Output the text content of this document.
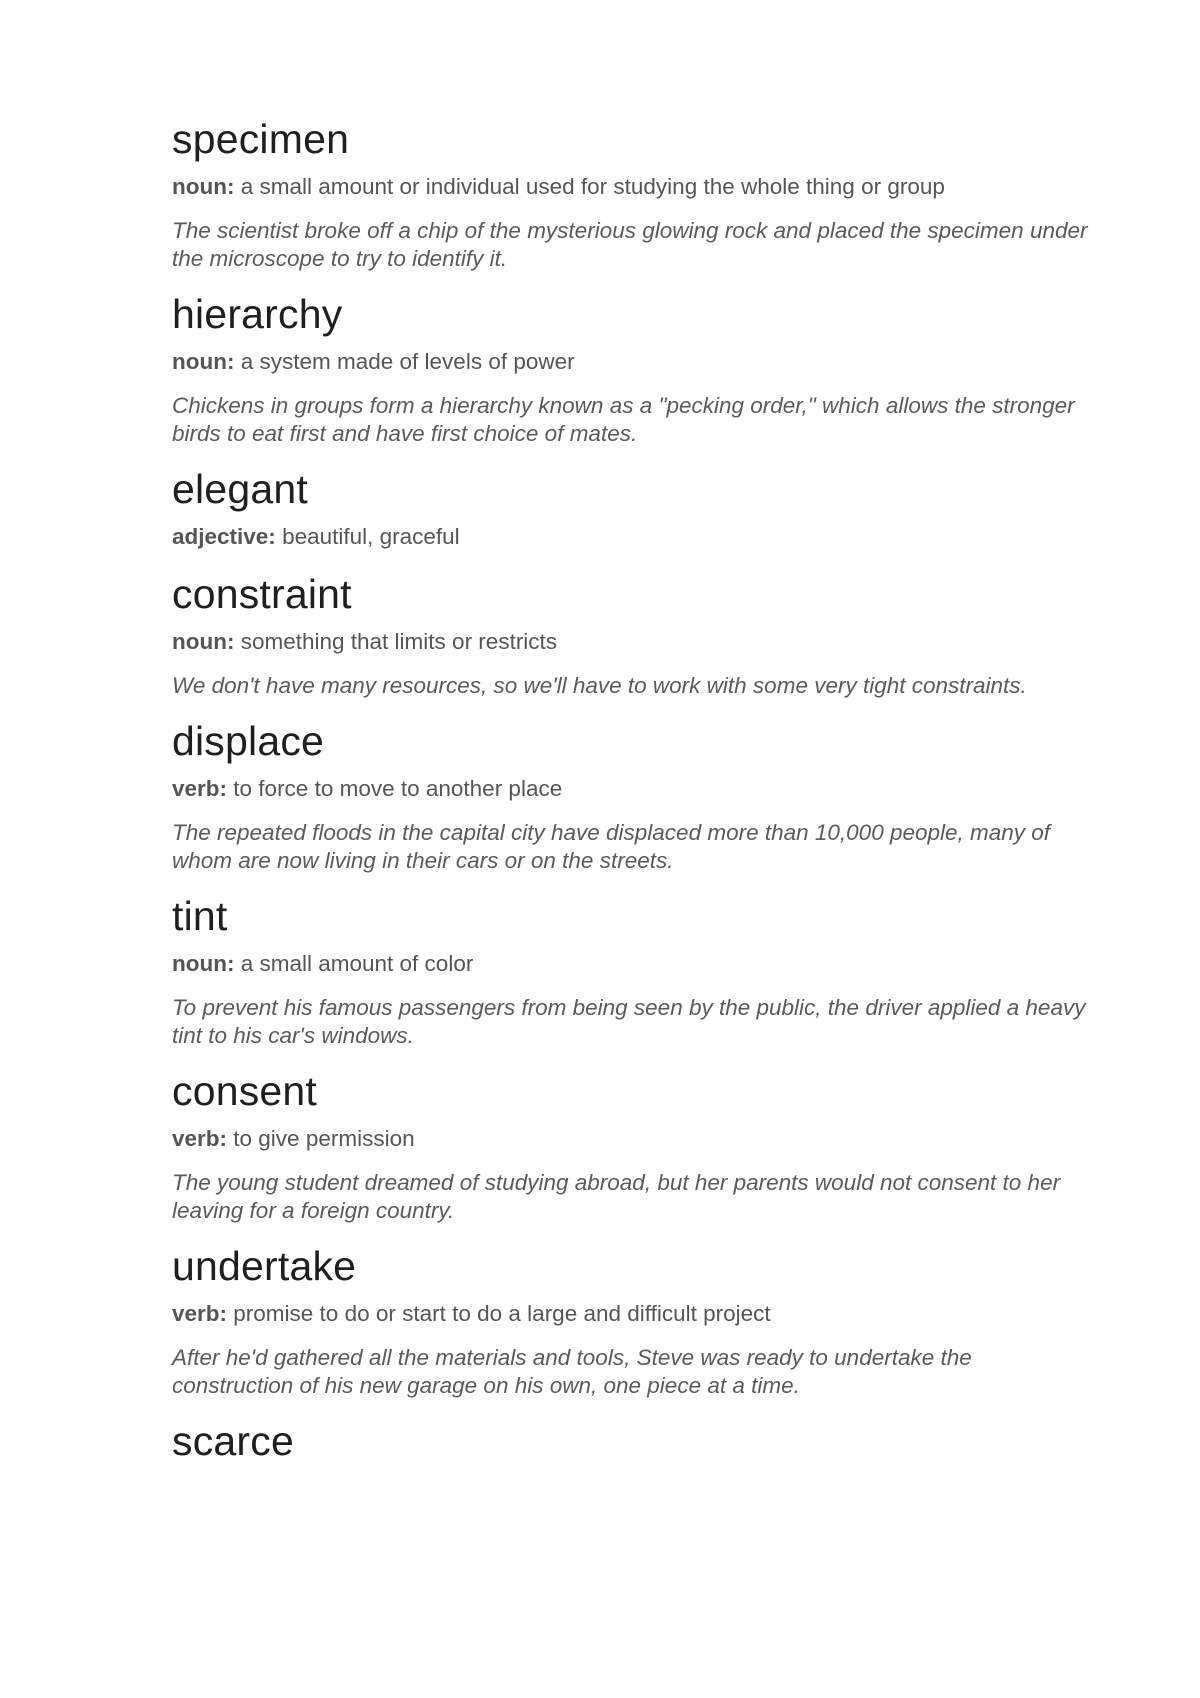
specimen

noun: a small amount or individual used for studying the whole thing or group

The scientist broke off a chip of the mysterious glowing rock and placed the specimen under the microscope to try to identify it.

hierarchy

noun: a system made of levels of power

Chickens in groups form a hierarchy known as a "pecking order," which allows the stronger birds to eat first and have first choice of mates.

elegant

adjective: beautiful, graceful

constraint

noun: something that limits or restricts

We don't have many resources, so we'll have to work with some very tight constraints.

displace

verb: to force to move to another place

The repeated floods in the capital city have displaced more than 10,000 people, many of whom are now living in their cars or on the streets.

tint

noun: a small amount of color

To prevent his famous passengers from being seen by the public, the driver applied a heavy tint to his car's windows.

consent

verb: to give permission

The young student dreamed of studying abroad, but her parents would not consent to her leaving for a foreign country.

undertake

verb: promise to do or start to do a large and difficult project

After he'd gathered all the materials and tools, Steve was ready to undertake the construction of his new garage on his own, one piece at a time.

scarce
